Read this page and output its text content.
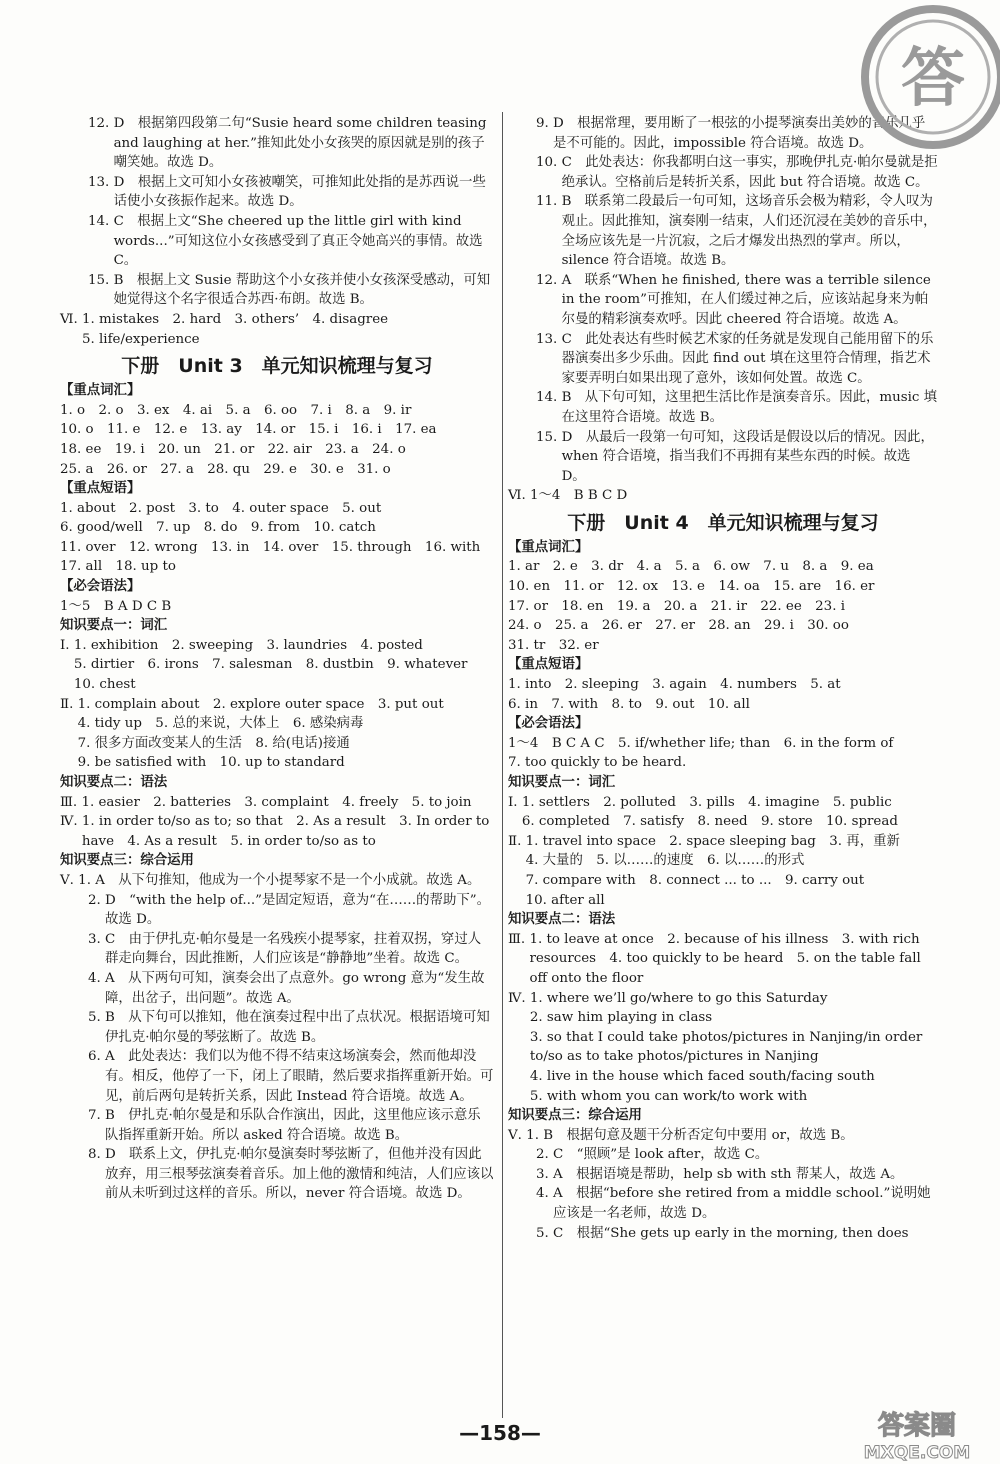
12. D　根据第四段第二句“Susie heard some children teasing and laughing at her.”推知此处小女孩哭的原因就是别的孩子嘲笑她。故选 D。
13. D　根据上文可知小女孩被嘲笑，可推知此处指的是苏西说一些话使小女孩振作起来。故选 D。
14. C　根据上文“She cheered up the little girl with kind words...”可知这位小女孩感受到了真正令她高兴的事情。故选 C。
15. B　根据上文 Susie 帮助这个小女孩并使小女孩深受感动，可知她觉得这个名字很适合苏西·布朗。故选 B。
Ⅵ. 1. mistakes　2. hard　3. others’　4. disagree
5. life/experience
下册　Unit 3　单元知识梳理与复习
【重点词汇】
1. o　2. o　3. ex　4. ai　5. a　6. oo　7. i　8. a　9. ir
10. o　11. e　12. e　13. ay　14. or　15. i　16. i　17. ea
18. ee　19. i　20. un　21. or　22. air　23. a　24. o
25. a　26. or　27. a　28. qu　29. e　30. e　31. o
【重点短语】
1. about　2. post　3. to　4. outer space　5. out
6. good/well　7. up　8. do　9. from　10. catch
11. over　12. wrong　13. in　14. over　15. through　16. with
17. all　18. up to
【必会语法】
1～5　B A D C B
知识要点一：词汇
Ⅰ. 1. exhibition　2. sweeping　3. laundries　4. posted
5. dirtier　6. irons　7. salesman　8. dustbin　9. whatever
10. chest
Ⅱ. 1. complain about　2. explore outer space　3. put out
4. tidy up　5. 总的来说，大体上　6. 感染病毒
7. 很多方面改变某人的生活　8. 给(电话)接通
9. be satisfied with　10. up to standard
知识要点二：语法
Ⅲ. 1. easier　2. batteries　3. complaint　4. freely　5. to join
Ⅳ. 1. in order to/so as to; so that　2. As a result　3. In order to have　4. As a result　5. in order to/so as to
知识要点三：综合运用
Ⅴ. 1. A　从下句推知，他成为一个小提琴家不是一个小成就。故选 A。
2. D　“with the help of...”是固定短语，意为“在……的帮助下”。故选 D。
3. C　由于伊扎克·帕尔曼是一名残疾小提琴家，拄着双拐，穿过人群走向舞台，因此推断，人们应该是“静静地”坐着。故选 C。
4. A　从下两句可知，演奏会出了点意外。go wrong 意为“发生故障，出岔子，出问题”。故选 A。
5. B　从下句可以推知，他在演奏过程中出了点状况。根据语境可知伊扎克·帕尔曼的琴弦断了。故选 B。
6. A　此处表达：我们以为他不得不结束这场演奏会，然而他却没有。相反，他停了一下，闭上了眼睛，然后要求指挥重新开始。可见，前后两句是转折关系，因此 Instead 符合语境。故选 A。
7. B　伊扎克·帕尔曼是和乐队合作演出，因此，这里他应该示意乐队指挥重新开始。所以 asked 符合语境。故选 B。
8. D　联系上文，伊扎克·帕尔曼演奏时琴弦断了，但他并没有因此放弃，用三根琴弦演奏着音乐。加上他的激情和纯洁，人们应该以前从未听到过这样的音乐。所以，never 符合语境。故选 D。
9. D　根据常理，要用断了一根弦的小提琴演奏出美妙的音乐几乎是不可能的。因此，impossible 符合语境。故选 D。
10. C　此处表达：你我都明白这一事实，那晚伊扎克·帕尔曼就是拒绝承认。空格前后是转折关系，因此 but 符合语境。故选 C。
11. B　联系第二段最后一句可知，这场音乐会极为精彩，令人叹为观止。因此推知，演奏刚一结束，人们还沉浸在美妙的音乐中，全场应该先是一片沉寂，之后才爆发出热烈的掌声。所以，silence 符合语境。故选 B。
12. A　联系“When he finished, there was a terrible silence in the room”可推知，在人们缓过神之后，应该站起身来为帕尔曼的精彩演奏欢呼。因此 cheered 符合语境。故选 A。
13. C　此处表达有些时候艺术家的任务就是发现自己能用留下的乐器演奏出多少乐曲。因此 find out 填在这里符合情理，指艺术家要弄明白如果出现了意外，该如何处置。故选 C。
14. B　从下句可知，这里把生活比作是演奏音乐。因此，music 填在这里符合语境。故选 B。
15. D　从最后一段第一句可知，这段话是假设以后的情况。因此，when 符合语境，指当我们不再拥有某些东西的时候。故选 D。
Ⅵ. 1～4　B B C D
下册　Unit 4　单元知识梳理与复习
【重点词汇】
1. ar　2. e　3. dr　4. a　5. a　6. ow　7. u　8. a　9. ea
10. en　11. or　12. ox　13. e　14. oa　15. are　16. er
17. or　18. en　19. a　20. a　21. ir　22. ee　23. i
24. o　25. a　26. er　27. er　28. an　29. i　30. oo
31. tr　32. er
【重点短语】
1. into　2. sleeping　3. again　4. numbers　5. at
6. in　7. with　8. to　9. out　10. all
【必会语法】
1～4　B C A C　5. if/whether life; than　6. in the form of
7. too quickly to be heard.
知识要点一：词汇
Ⅰ. 1. settlers　2. polluted　3. pills　4. imagine　5. public
6. completed　7. satisfy　8. need　9. store　10. spread
Ⅱ. 1. travel into space　2. space sleeping bag　3. 再，重新
4. 大量的　5. 以……的速度　6. 以……的形式
7. compare with　8. connect ... to ...　9. carry out
10. after all
知识要点二：语法
Ⅲ. 1. to leave at once　2. because of his illness　3. with rich resources　4. too quickly to be heard　5. on the table fall off onto the floor
Ⅳ. 1. where we’ll go/where to go this Saturday
2. saw him playing in class
3. so that I could take photos/pictures in Nanjing/in order to/so as to take photos/pictures in Nanjing
4. live in the house which faced south/facing south
5. with whom you can work/to work with
知识要点三：综合运用
Ⅴ. 1. B　根据句意及题干分析否定句中要用 or，故选 B。
2. C　“照顾”是 look after，故选 C。
3. A　根据语境是帮助，help sb with sth 帮某人，故选 A。
4. A　根据“before she retired from a middle school.”说明她应该是一名老师，故选 D。
5. C　根据“She gets up early in the morning, then does
答
—158—	答案圈
MXQE.COM
